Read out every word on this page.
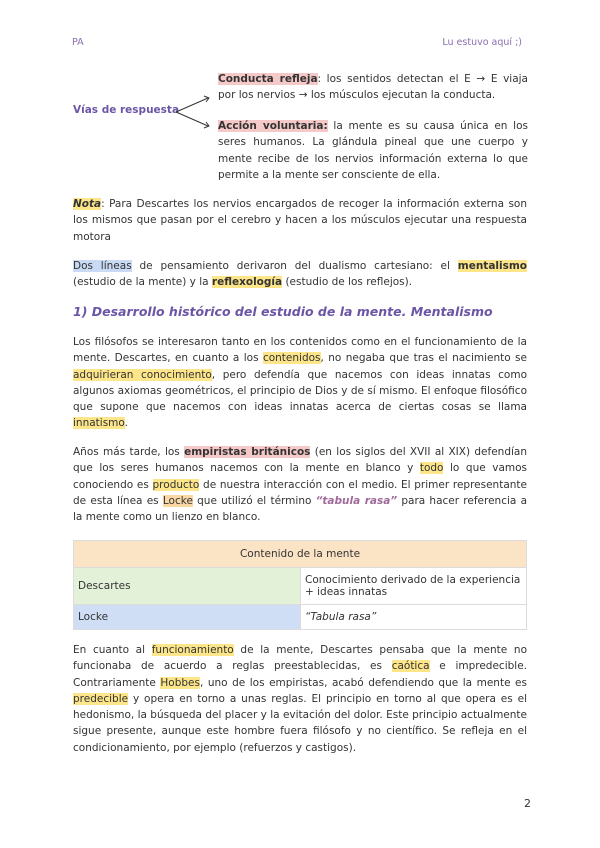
PA	Lu estuvo aquí ;)
Vías de respuesta
Conducta refleja: los sentidos detectan el E → E viaja por los nervios → los músculos ejecutan la conducta.
Acción voluntaria: la mente es su causa única en los seres humanos. La glándula pineal que une cuerpo y mente recibe de los nervios información externa lo que permite a la mente ser consciente de ella.
Nota: Para Descartes los nervios encargados de recoger la información externa son los mismos que pasan por el cerebro y hacen a los músculos ejecutar una respuesta motora
Dos líneas de pensamiento derivaron del dualismo cartesiano: el mentalismo (estudio de la mente) y la reflexología (estudio de los reflejos).
1) Desarrollo histórico del estudio de la mente. Mentalismo
Los filósofos se interesaron tanto en los contenidos como en el funcionamiento de la mente. Descartes, en cuanto a los contenidos, no negaba que tras el nacimiento se adquirieran conocimiento, pero defendía que nacemos con ideas innatas como algunos axiomas geométricos, el principio de Dios y de sí mismo. El enfoque filosófico que supone que nacemos con ideas innatas acerca de ciertas cosas se llama innatismo.
Años más tarde, los empiristas británicos (en los siglos del XVII al XIX) defendían que los seres humanos nacemos con la mente en blanco y todo lo que vamos conociendo es producto de nuestra interacción con el medio. El primer representante de esta línea es Locke que utilizó el término “tabula rasa” para hacer referencia a la mente como un lienzo en blanco.
Contenido de la mente	
Descartes	Conocimiento derivado de la experiencia + ideas innatas
Locke	“Tabula rasa”
En cuanto al funcionamiento de la mente, Descartes pensaba que la mente no funcionaba de acuerdo a reglas preestablecidas, es caótica e impredecible. Contrariamente Hobbes, uno de los empiristas, acabó defendiendo que la mente es predecible y opera en torno a unas reglas. El principio en torno al que opera es el hedonismo, la búsqueda del placer y la evitación del dolor. Este principio actualmente sigue presente, aunque este hombre fuera filósofo y no científico. Se refleja en el condicionamiento, por ejemplo (refuerzos y castigos).
2
